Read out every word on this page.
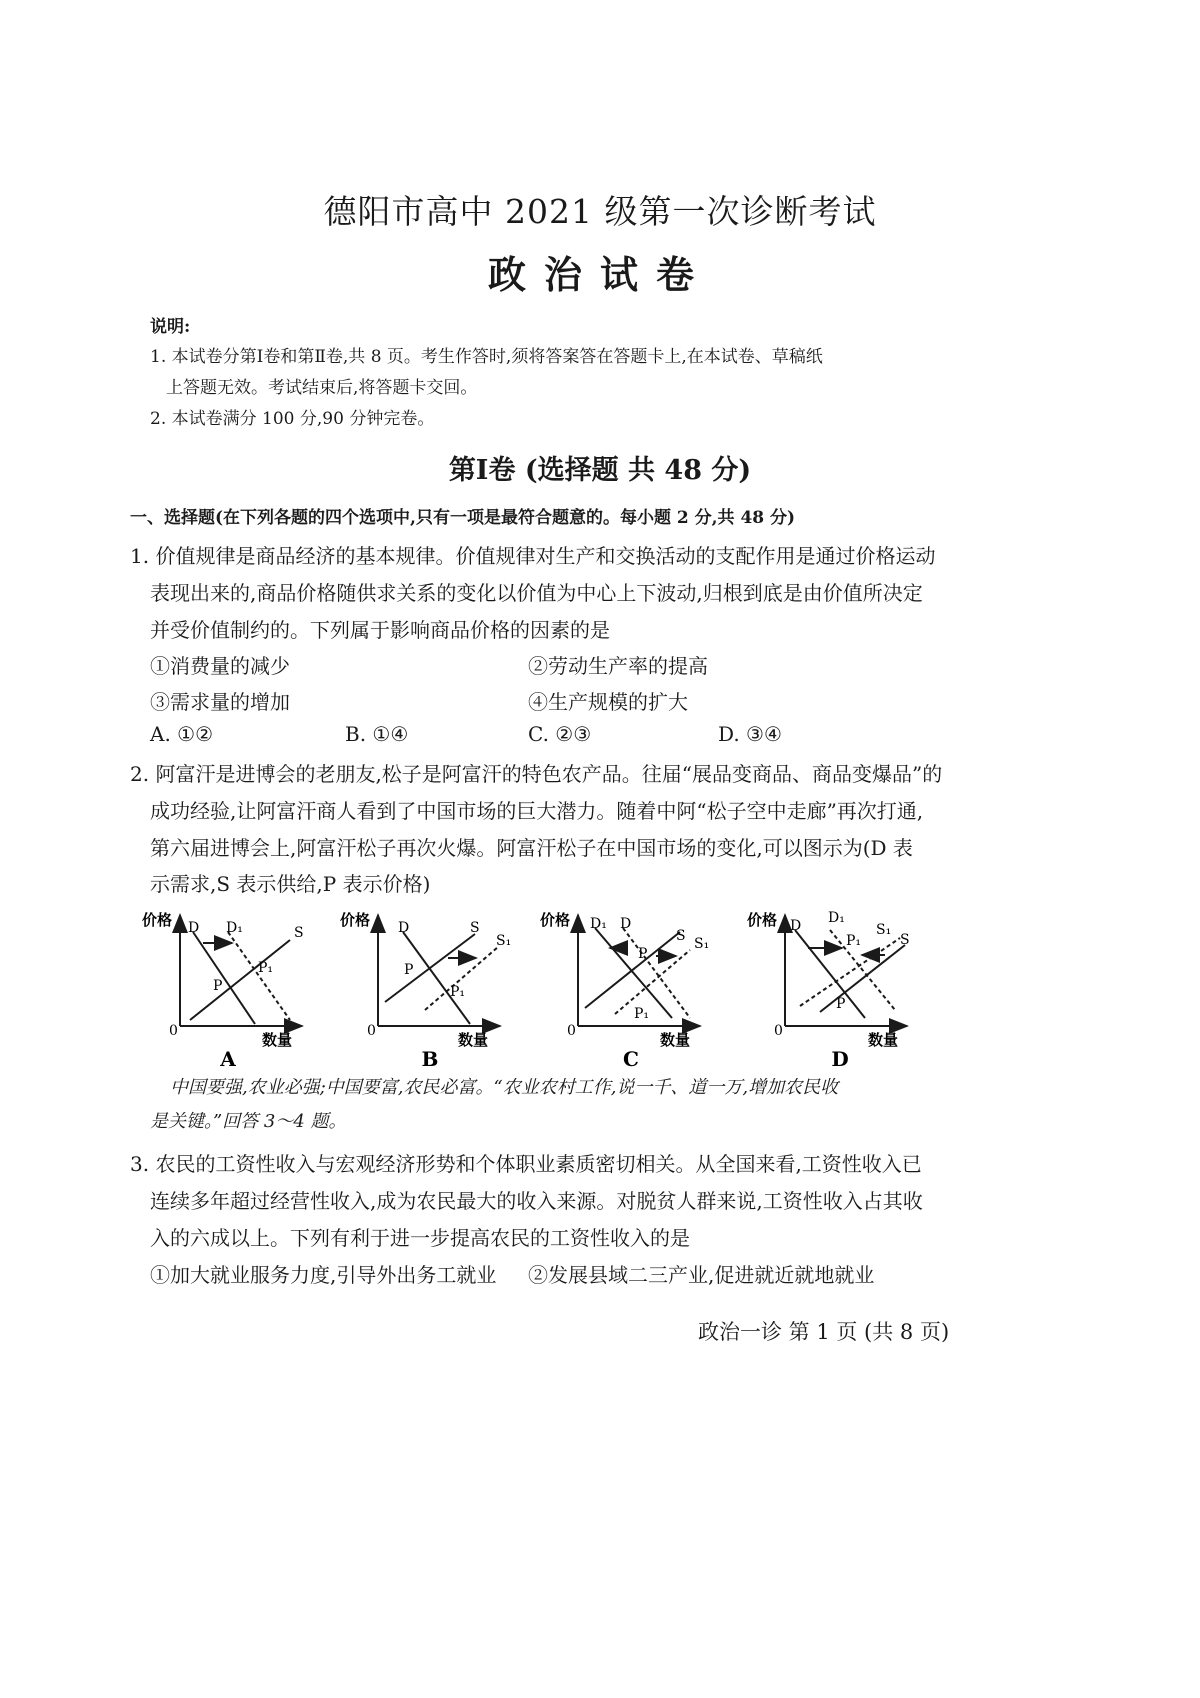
德阳市高中 2021 级第一次诊断考试
政治试卷
说明:
1. 本试卷分第Ⅰ卷和第Ⅱ卷,共 8 页。考生作答时,须将答案答在答题卡上,在本试卷、草稿纸
上答题无效。考试结束后,将答题卡交回。
2. 本试卷满分 100 分,90 分钟完卷。
第Ⅰ卷 (选择题 共 48 分)
一、选择题(在下列各题的四个选项中,只有一项是最符合题意的。每小题 2 分,共 48 分)
1. 价值规律是商品经济的基本规律。价值规律对生产和交换活动的支配作用是通过价格运动
表现出来的,商品价格随供求关系的变化以价值为中心上下波动,归根到底是由价值所决定
并受价值制约的。下列属于影响商品价格的因素的是
①消费量的减少	②劳动生产率的提高
③需求量的增加	④生产规模的扩大
A. ①②	B. ①④	C. ②③	D. ③④
2. 阿富汗是进博会的老朋友,松子是阿富汗的特色农产品。往届“展品变商品、商品变爆品”的
成功经验,让阿富汗商人看到了中国市场的巨大潜力。随着中阿“松子空中走廊”再次打通,
第六届进博会上,阿富汗松子再次火爆。阿富汗松子在中国市场的变化,可以图示为(D 表
示需求,S 表示供给,P 表示价格)
价格
数量
0
D D₁	S
P
P₁
A
价格
数量
0
D	S
S₁
P
P₁
B
价格
数量
0
D₁ D
S S₁
P
P₁
C
价格
数量
0
D D₁
S₁
S
P₁
P
D
中国要强,农业必强;中国要富,农民必富。“农业农村工作,说一千、道一万,增加农民收
是关键。”回答 3～4 题。
3. 农民的工资性收入与宏观经济形势和个体职业素质密切相关。从全国来看,工资性收入已
连续多年超过经营性收入,成为农民最大的收入来源。对脱贫人群来说,工资性收入占其收
入的六成以上。下列有利于进一步提高农民的工资性收入的是
①加大就业服务力度,引导外出务工就业 ②发展县域二三产业,促进就近就地就业
政治一诊 第 1 页 (共 8 页)
